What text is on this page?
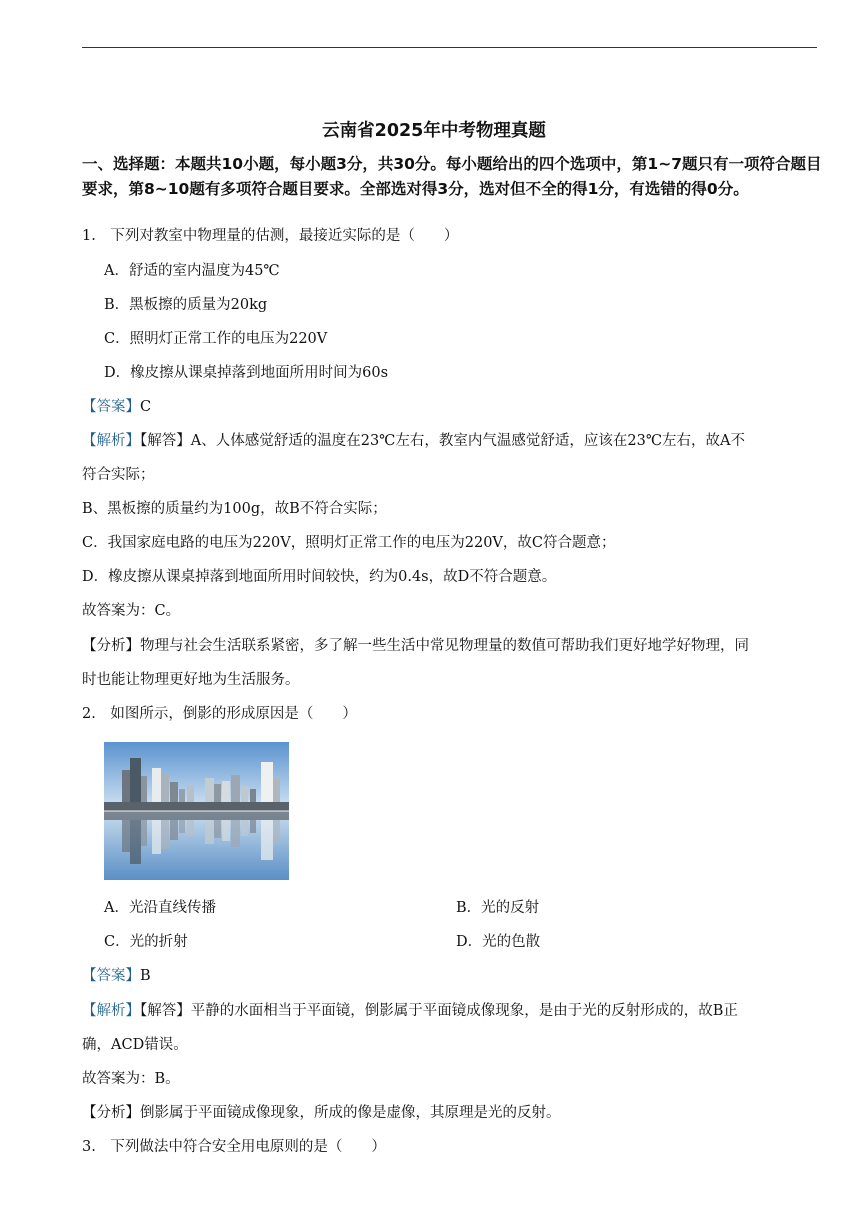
云南省2025年中考物理真题
一、选择题：本题共10小题，每小题3分，共30分。每小题给出的四个选项中，第1~7题只有一项符合题目要求，第8~10题有多项符合题目要求。全部选对得3分，选对但不全的得1分，有选错的得0分。
1.　下列对教室中物理量的估测，最接近实际的是（　　）
A．舒适的室内温度为45℃
B．黑板擦的质量为20kg
C．照明灯正常工作的电压为220V
D．橡皮擦从课桌掉落到地面所用时间为60s
【答案】C
【解析】【解答】A、人体感觉舒适的温度在23℃左右，教室内气温感觉舒适，应该在23℃左右，故A不
符合实际；
B、黑板擦的质量约为100g，故B不符合实际；
C．我国家庭电路的电压为220V，照明灯正常工作的电压为220V，故C符合题意；
D．橡皮擦从课桌掉落到地面所用时间较快，约为0.4s，故D不符合题意。
故答案为：C。
【分析】物理与社会生活联系紧密，多了解一些生活中常见物理量的数值可帮助我们更好地学好物理，同
时也能让物理更好地为生活服务。
2.　如图所示，倒影的形成原因是（　　）
A．光沿直线传播	B．光的反射
C．光的折射	D．光的色散
【答案】B
【解析】【解答】平静的水面相当于平面镜，倒影属于平面镜成像现象，是由于光的反射形成的，故B正
确，ACD错误。
故答案为：B。
【分析】倒影属于平面镜成像现象，所成的像是虚像，其原理是光的反射。
3.　下列做法中符合安全用电原则的是（　　）
